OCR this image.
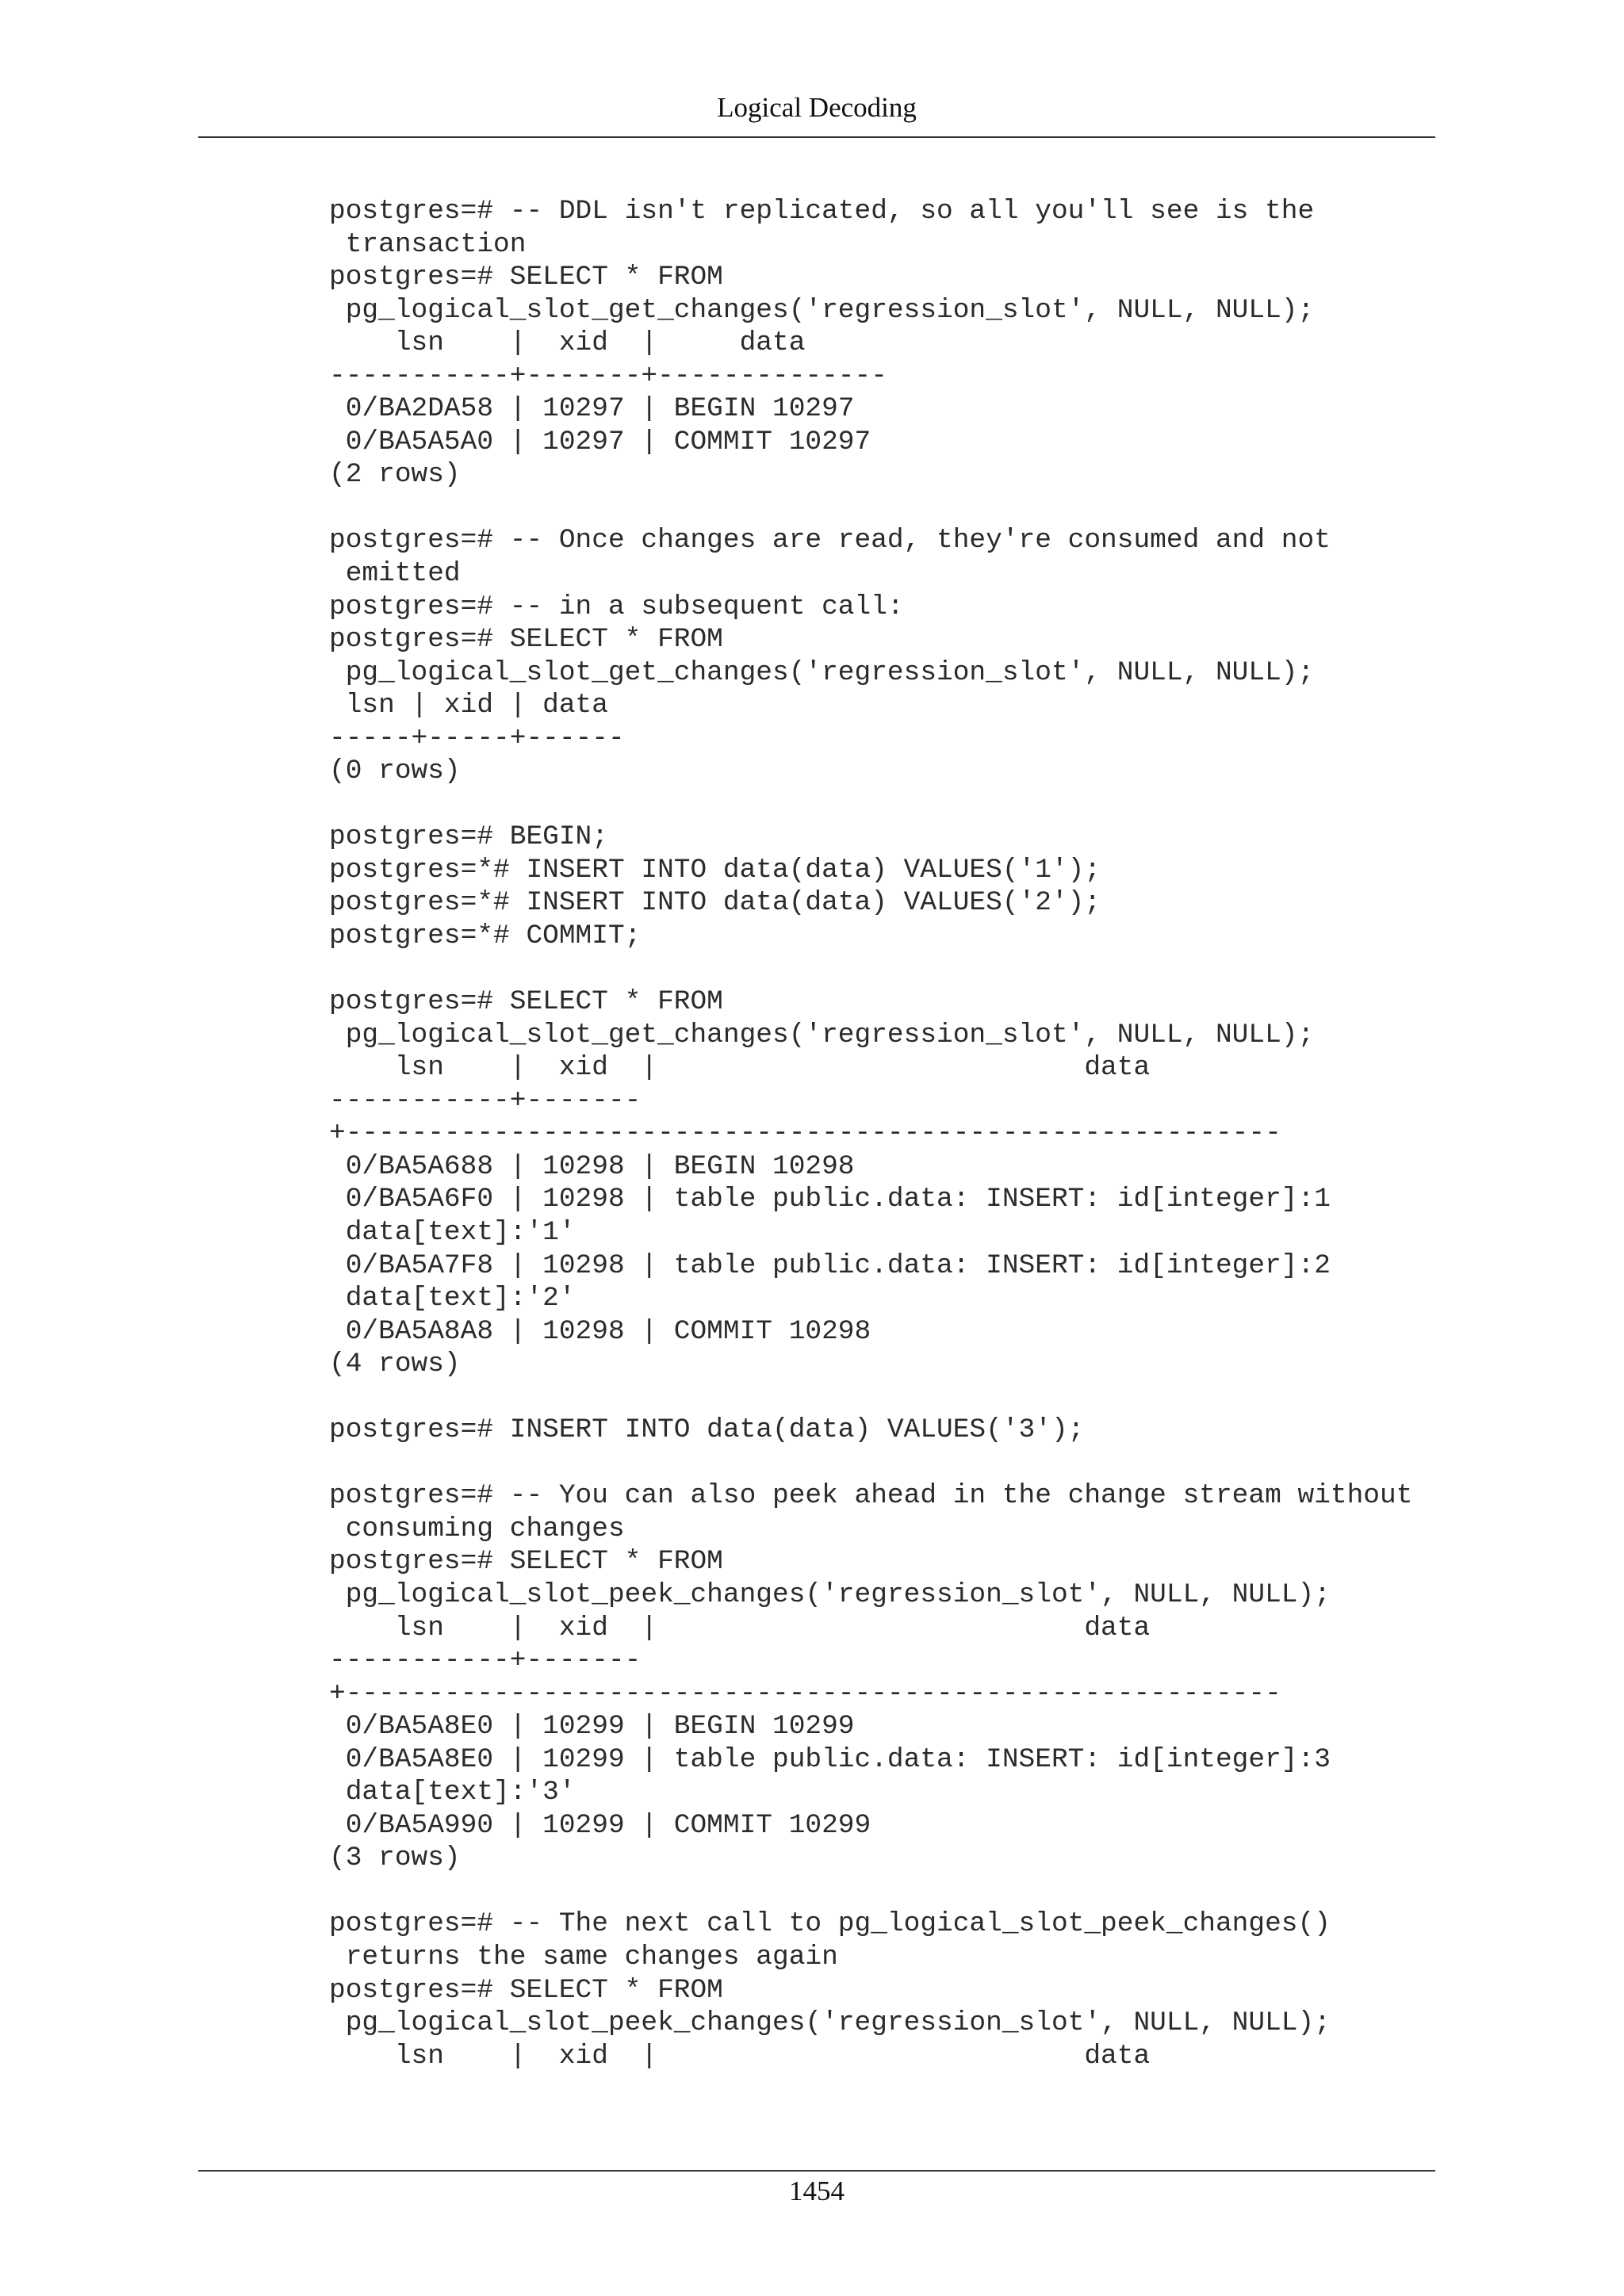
Logical Decoding
postgres=# -- DDL isn't replicated, so all you'll see is the
transaction
postgres=# SELECT * FROM
pg_logical_slot_get_changes('regression_slot', NULL, NULL);
lsn    |  xid  |     data
-----------+-------+--------------
0/BA2DA58 | 10297 | BEGIN 10297
0/BA5A5A0 | 10297 | COMMIT 10297
(2 rows)
postgres=# -- Once changes are read, they're consumed and not
emitted
postgres=# -- in a subsequent call:
postgres=# SELECT * FROM
pg_logical_slot_get_changes('regression_slot', NULL, NULL);
lsn | xid | data
-----+-----+------
(0 rows)
postgres=# BEGIN;
postgres=*# INSERT INTO data(data) VALUES('1');
postgres=*# INSERT INTO data(data) VALUES('2');
postgres=*# COMMIT;
postgres=# SELECT * FROM
pg_logical_slot_get_changes('regression_slot', NULL, NULL);
lsn    |  xid  |                          data
-----------+-------
+---------------------------------------------------------
0/BA5A688 | 10298 | BEGIN 10298
0/BA5A6F0 | 10298 | table public.data: INSERT: id[integer]:1
data[text]:'1'
0/BA5A7F8 | 10298 | table public.data: INSERT: id[integer]:2
data[text]:'2'
0/BA5A8A8 | 10298 | COMMIT 10298
(4 rows)
postgres=# INSERT INTO data(data) VALUES('3');
postgres=# -- You can also peek ahead in the change stream without
consuming changes
postgres=# SELECT * FROM
pg_logical_slot_peek_changes('regression_slot', NULL, NULL);
lsn    |  xid  |                          data
-----------+-------
+---------------------------------------------------------
0/BA5A8E0 | 10299 | BEGIN 10299
0/BA5A8E0 | 10299 | table public.data: INSERT: id[integer]:3
data[text]:'3'
0/BA5A990 | 10299 | COMMIT 10299
(3 rows)
postgres=# -- The next call to pg_logical_slot_peek_changes()
returns the same changes again
postgres=# SELECT * FROM
pg_logical_slot_peek_changes('regression_slot', NULL, NULL);
lsn    |  xid  |                          data
1454
